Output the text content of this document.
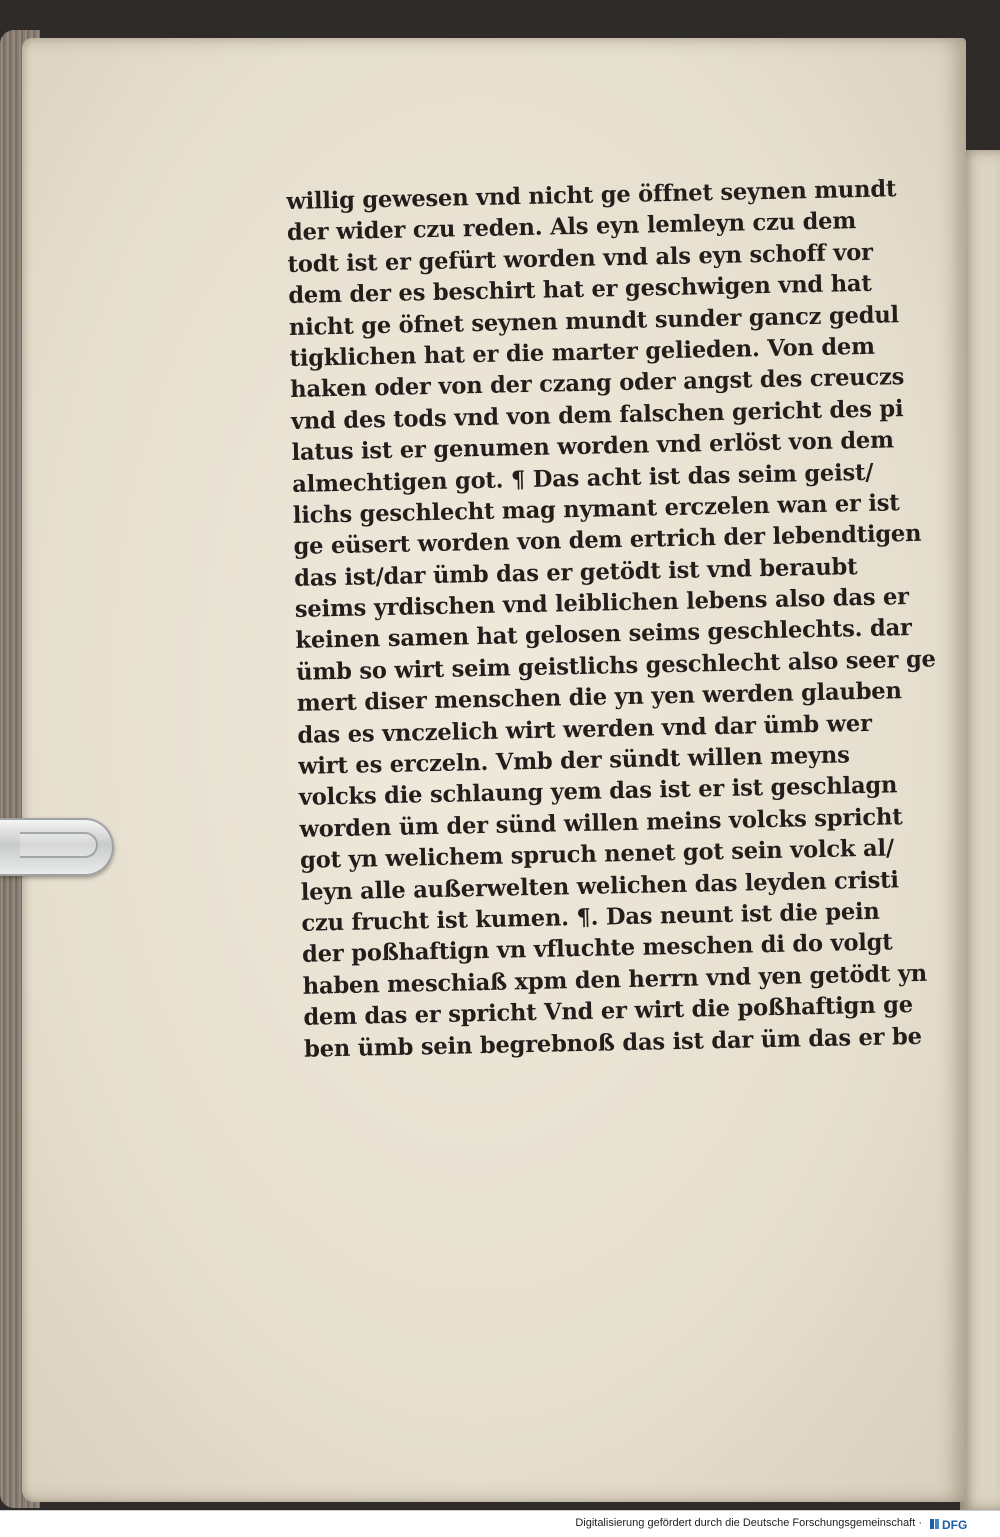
willig gewesen vnd nicht ge öffnet seynen mundt
der wider czu reden. Als eyn lemleyn czu dem
todt ist er gefürt worden vnd als eyn schoff vor
dem der es beschirt hat er geschwigen vnd hat
nicht ge öfnet seynen mundt sunder gancz gedul
tigklichen hat er die marter gelieden. Von dem
haken oder von der czang oder angst des creuczs
vnd des tods vnd von dem falschen gericht des pi
latus ist er genumen worden vnd erlöst von dem
almechtigen got. ¶ Das acht ist das seim geist/
lichs geschlecht mag nymant erczelen wan er ist
ge eüsert worden von dem ertrich der lebendtigen
das ist/dar ümb das er getödt ist vnd beraubt
seims yrdischen vnd leiblichen lebens also das er
keinen samen hat gelosen seims geschlechts. dar
ümb so wirt seim geistlichs geschlecht also seer ge
mert diser menschen die yn yen werden glauben
das es vnczelich wirt werden vnd dar ümb wer
wirt es erczeln. Vmb der sündt willen meyns
volcks die schlaung yem das ist er ist geschlagn
worden üm der sünd willen meins volcks spricht
got yn welichem spruch nenet got sein volck al/
leyn alle außerwelten welichen das leyden cristi
czu frucht ist kumen. ¶. Das neunt ist die pein
der poßhaftign vn vfluchte meschen di do volgt
haben meschiaß xpm den herrn vnd yen getödt yn
dem das er spricht Vnd er wirt die poßhaftign ge
ben ümb sein begrebnoß das ist dar üm das er be
Digitalisierung gefördert durch die Deutsche Forschungsgemeinschaft · DFG
